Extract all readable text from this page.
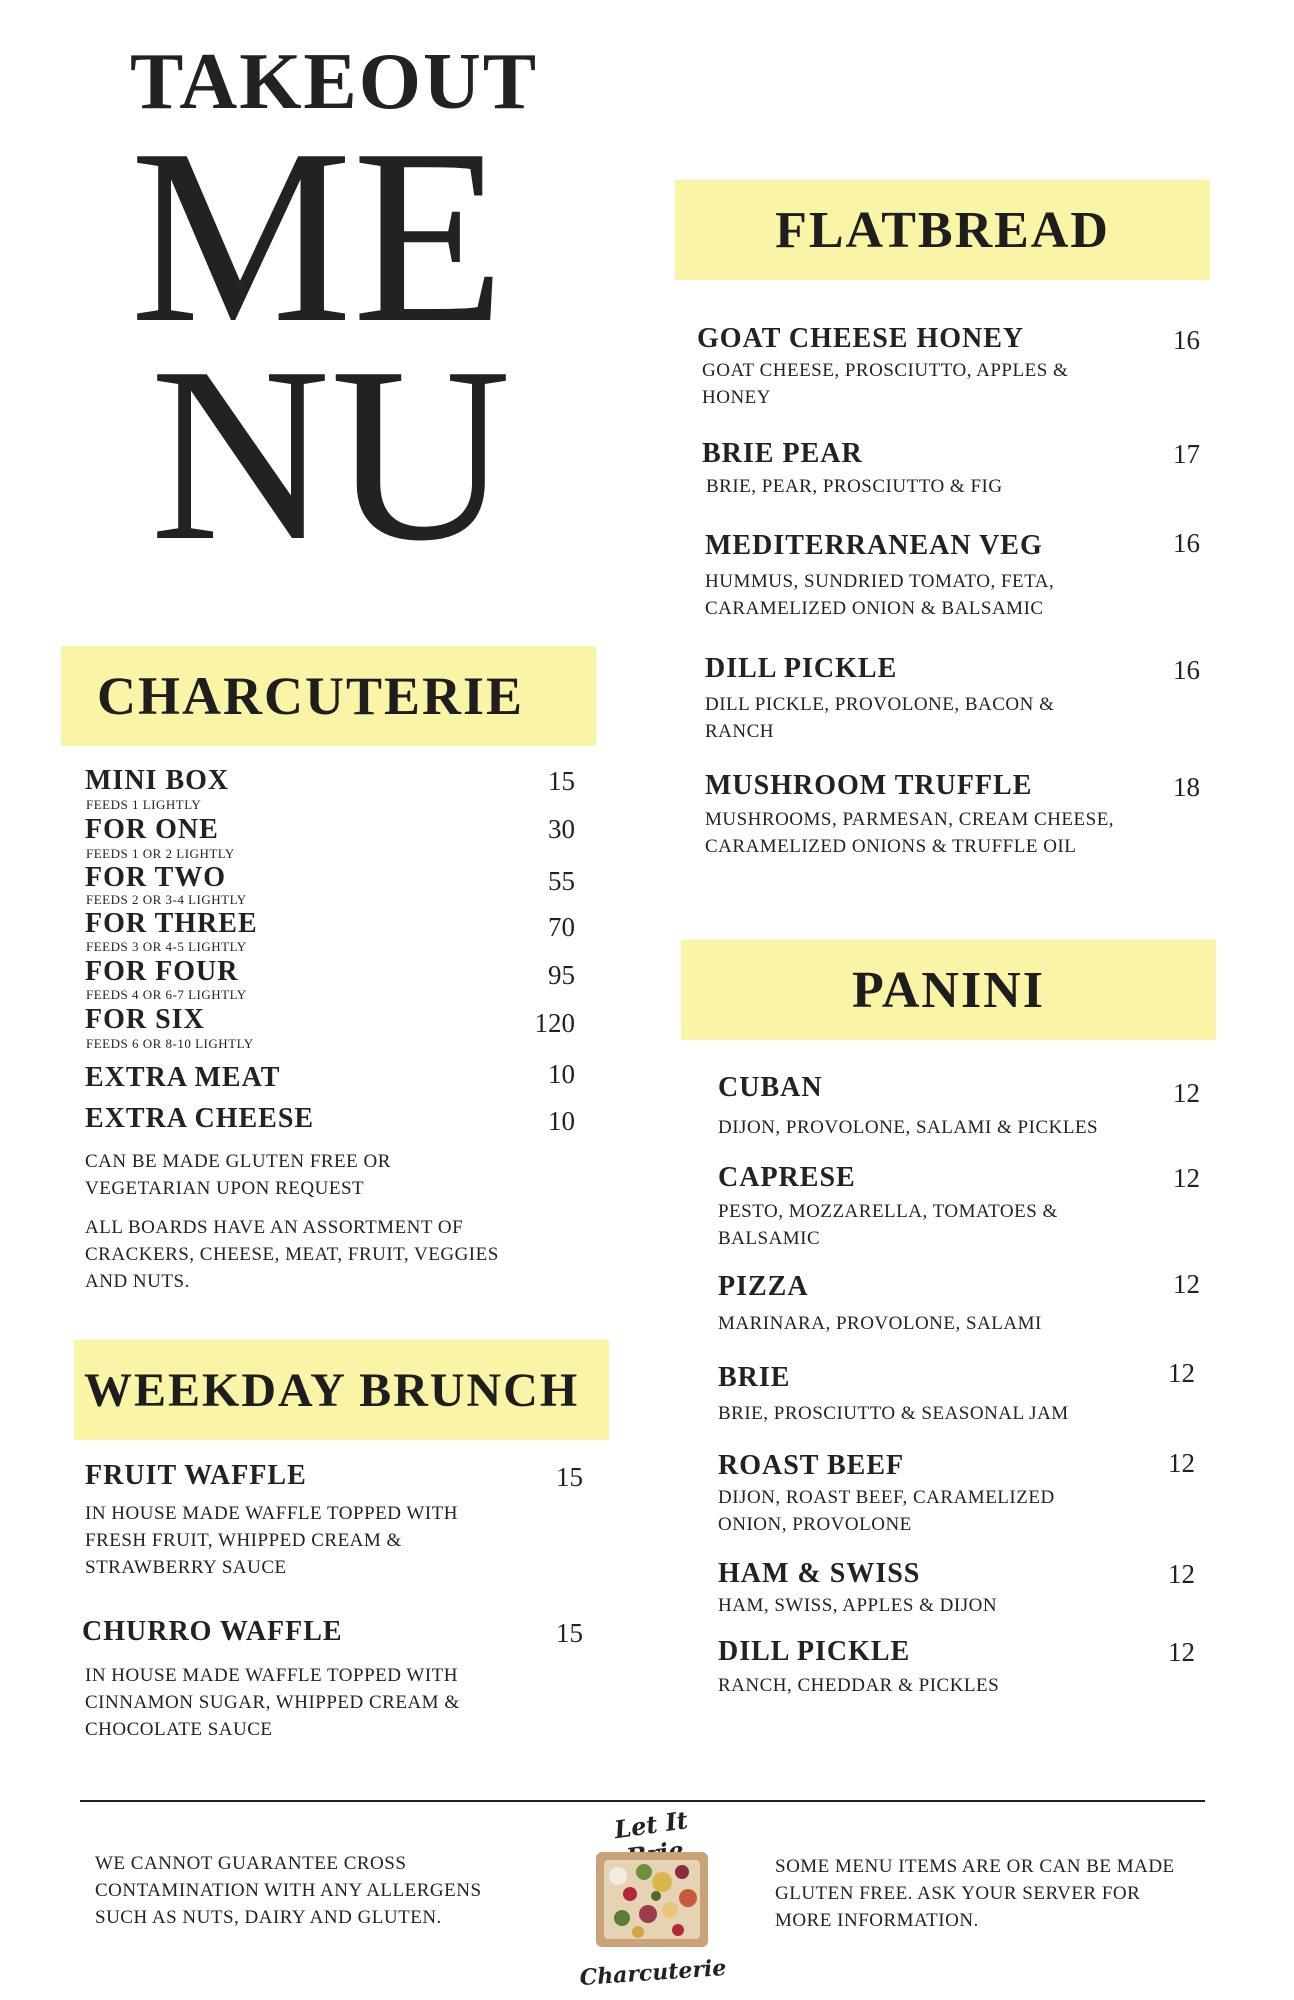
TAKEOUT
ME
NU
FLATBREAD
GOAT CHEESE HONEY	16
GOAT CHEESE, PROSCIUTTO, APPLES &
HONEY
BRIE PEAR	17
BRIE, PEAR, PROSCIUTTO & FIG
MEDITERRANEAN VEG	16
HUMMUS, SUNDRIED TOMATO, FETA,
CARAMELIZED ONION & BALSAMIC
DILL PICKLE	16
DILL PICKLE, PROVOLONE, BACON &
RANCH
MUSHROOM TRUFFLE	18
MUSHROOMS, PARMESAN, CREAM CHEESE,
CARAMELIZED ONIONS & TRUFFLE OIL
CHARCUTERIE
MINI BOX	15
FEEDS 1 LIGHTLY
FOR ONE	30
FEEDS 1 OR 2 LIGHTLY
FOR TWO	55
FEEDS 2 OR 3-4 LIGHTLY
FOR THREE	70
FEEDS 3 OR 4-5 LIGHTLY
FOR FOUR	95
FEEDS 4 OR 6-7 LIGHTLY
FOR SIX	120
FEEDS 6 OR 8-10 LIGHTLY
EXTRA MEAT	10
EXTRA CHEESE	10
CAN BE MADE GLUTEN FREE OR
VEGETARIAN UPON REQUEST
ALL BOARDS HAVE AN ASSORTMENT OF
CRACKERS, CHEESE, MEAT, FRUIT, VEGGIES
AND NUTS.
WEEKDAY BRUNCH
FRUIT WAFFLE	15
IN HOUSE MADE WAFFLE TOPPED WITH
FRESH FRUIT, WHIPPED CREAM &
STRAWBERRY SAUCE
CHURRO WAFFLE	15
IN HOUSE MADE WAFFLE TOPPED WITH
CINNAMON SUGAR, WHIPPED CREAM &
CHOCOLATE SAUCE
PANINI
CUBAN	12
DIJON, PROVOLONE, SALAMI & PICKLES
CAPRESE	12
PESTO, MOZZARELLA, TOMATOES &
BALSAMIC
PIZZA	12
MARINARA, PROVOLONE, SALAMI
BRIE	12
BRIE, PROSCIUTTO & SEASONAL JAM
ROAST BEEF	12
DIJON, ROAST BEEF, CARAMELIZED
ONION, PROVOLONE
HAM & SWISS	12
HAM, SWISS, APPLES & DIJON
DILL PICKLE	12
RANCH, CHEDDAR & PICKLES
WE CANNOT GUARANTEE CROSS
CONTAMINATION WITH ANY ALLERGENS
SUCH AS NUTS, DAIRY AND GLUTEN.
Let It
Charcuterie
SOME MENU ITEMS ARE OR CAN BE MADE
GLUTEN FREE. ASK YOUR SERVER FOR
MORE INFORMATION.
